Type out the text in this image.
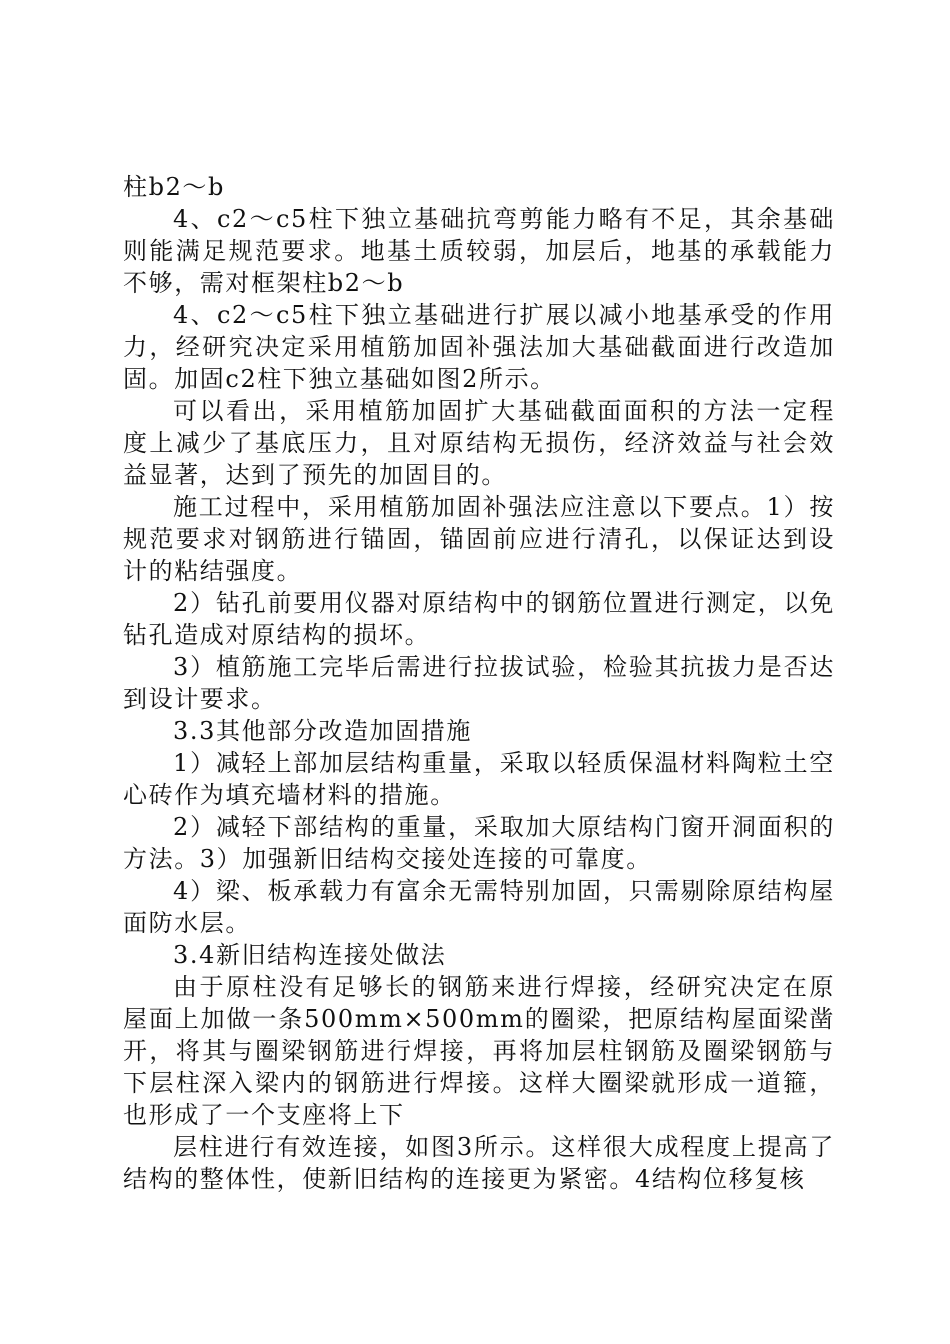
柱b2～b

4、c2～c5柱下独立基础抗弯剪能力略有不足，其余基础则能满足规范要求。地基土质较弱，加层后，地基的承载能力不够，需对框架柱b2～b

4、c2～c5柱下独立基础进行扩展以减小地基承受的作用力，经研究决定采用植筋加固补强法加大基础截面进行改造加固。加固c2柱下独立基础如图2所示。

可以看出，采用植筋加固扩大基础截面面积的方法一定程度上减少了基底压力，且对原结构无损伤，经济效益与社会效益显著，达到了预先的加固目的。

施工过程中，采用植筋加固补强法应注意以下要点。1）按规范要求对钢筋进行锚固，锚固前应进行清孔，以保证达到设计的粘结强度。

2）钻孔前要用仪器对原结构中的钢筋位置进行测定，以免钻孔造成对原结构的损坏。

3）植筋施工完毕后需进行拉拔试验，检验其抗拔力是否达到设计要求。

3.3其他部分改造加固措施

1）减轻上部加层结构重量，采取以轻质保温材料陶粒土空心砖作为填充墙材料的措施。

2）减轻下部结构的重量，采取加大原结构门窗开洞面积的方法。3）加强新旧结构交接处连接的可靠度。

4）梁、板承载力有富余无需特别加固，只需剔除原结构屋面防水层。

3.4新旧结构连接处做法

由于原柱没有足够长的钢筋来进行焊接，经研究决定在原屋面上加做一条500mm×500mm的圈梁，把原结构屋面梁凿开，将其与圈梁钢筋进行焊接，再将加层柱钢筋及圈梁钢筋与下层柱深入梁内的钢筋进行焊接。这样大圈梁就形成一道箍，也形成了一个支座将上下

层柱进行有效连接，如图3所示。这样很大成程度上提高了结构的整体性，使新旧结构的连接更为紧密。4结构位移复核
